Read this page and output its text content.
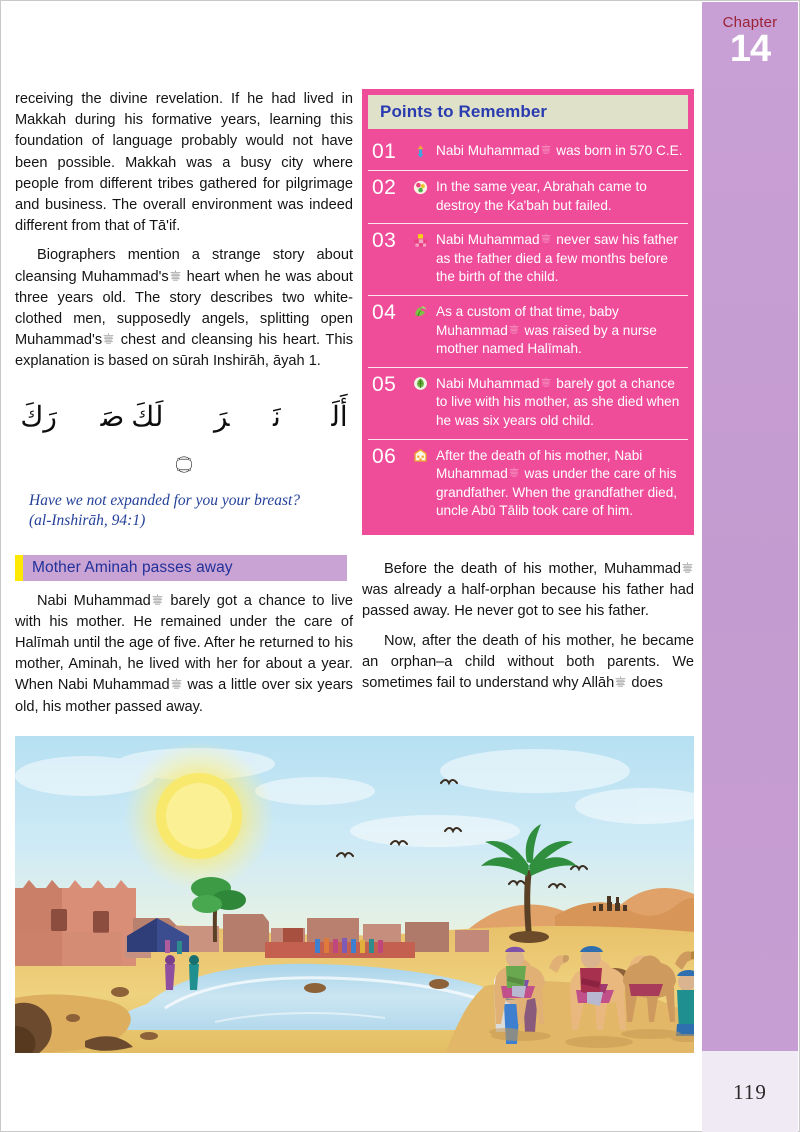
Chapter
14
119

receiving the divine revelation. If he had lived in Makkah during his formative years, learning this foundation of language probably would not have been possible. Makkah was a busy city where people from different tribes gathered for pilgrimage and business. The overall environment was indeed different from that of Tā'if.

Biographers mention a strange story about cleansing Muhammad's
heart when he was about three years old. The story describes two white-clothed men, supposedly angels, splitting open Muhammad's
chest and cleansing his heart. This explanation is based on sūrah Inshirāh, āyah 1.

أَلَمۡ نَشۡرَحۡ لَكَ صَدۡرَكَ ۝
Have we not expanded for you your breast?
(al-Inshirāh, 94:1)
Mother Aminah passes away

Nabi Muhammad
barely got a chance to live with his mother. He remained under the care of Halīmah until the age of five. After he returned to his mother, Aminah, he lived with her for about a year. When Nabi Muhammad
was a little over six years old, his mother passed away.

Points to Remember
01	Nabi Muhammad
was born in 570 C.E.
02	In the same year, Abrahah came to destroy the Ka'bah but failed.
03	Nabi Muhammad
never saw his father as the father died a few months before the birth of the child.
04	As a custom of that time, baby Muhammad
was raised by a nurse mother named Halīmah.
05	Nabi Muhammad
barely got a chance to live with his mother, as she died when he was six years old child.
06	After the death of his mother, Nabi Muhammad
was under the care of his grandfather. When the grandfather died, uncle Abū Tālib took care of him.

Before the death of his mother, Muhammad
was already a half-orphan because his father had passed away. He never got to see his father.

Now, after the death of his mother, he became an orphan–a child without both parents. We sometimes fail to understand why Allāh
does
